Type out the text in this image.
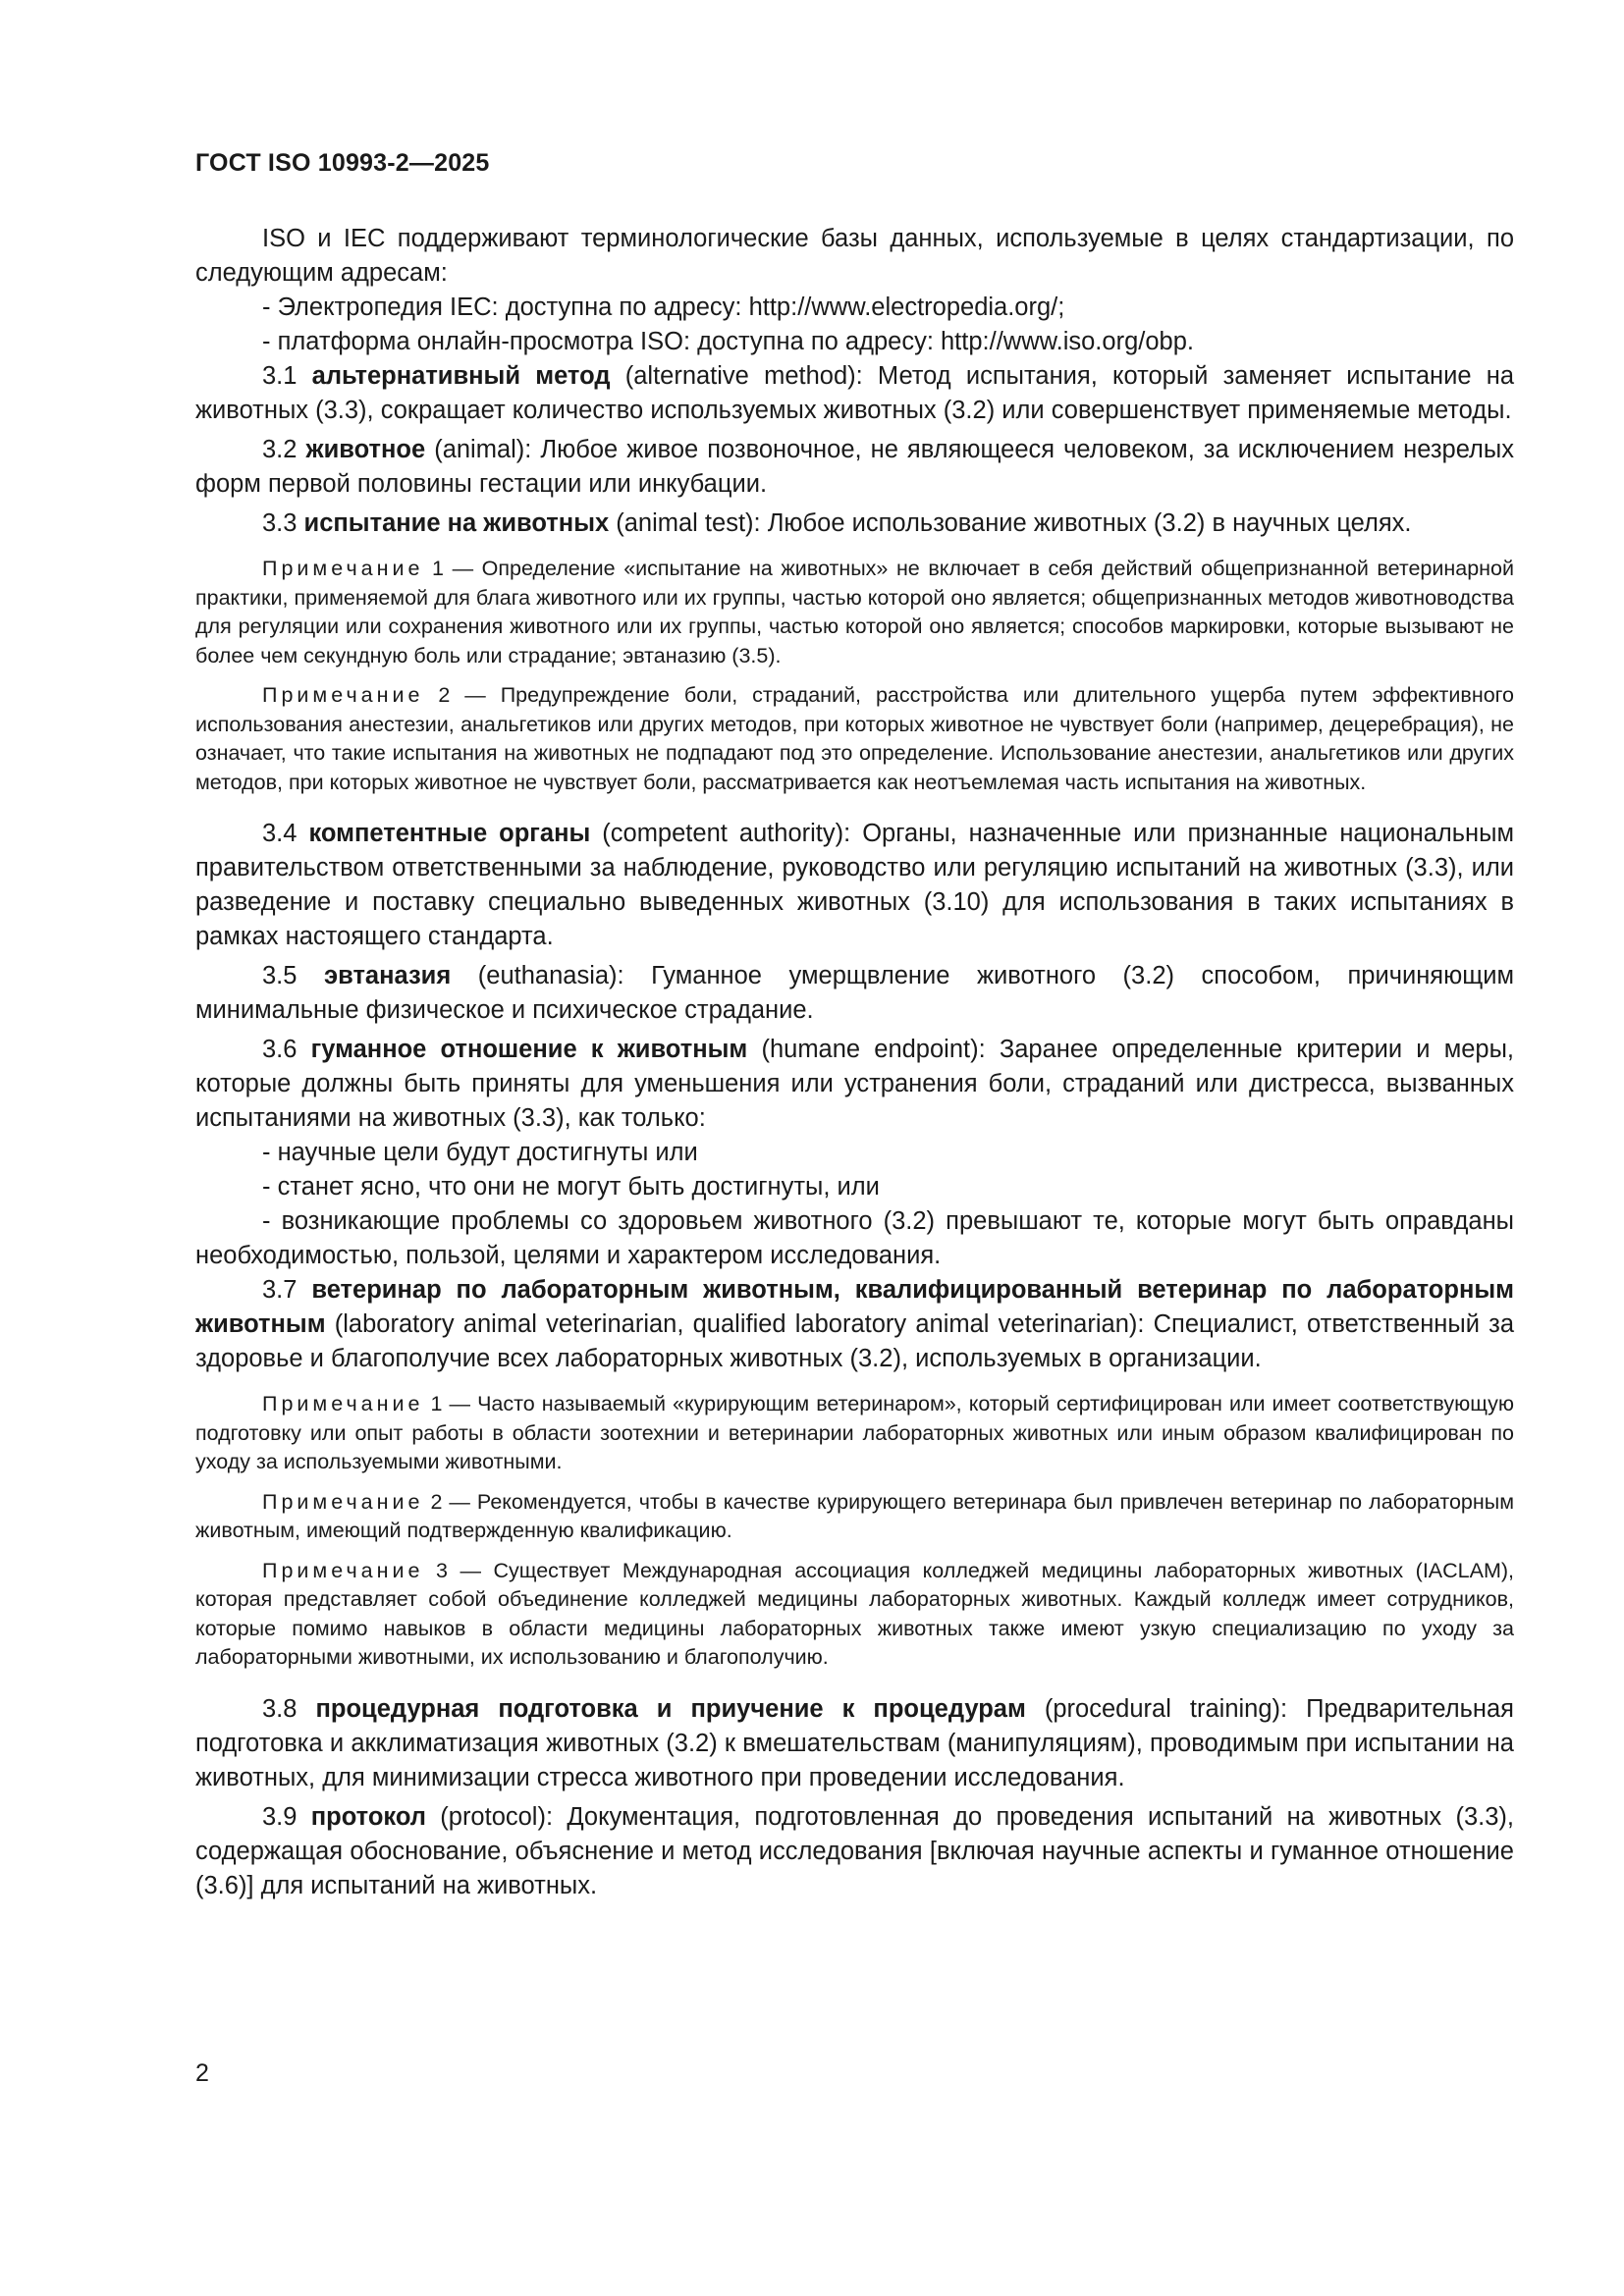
ГОСТ ISO 10993-2—2025

ISO и IEC поддерживают терминологические базы данных, используемые в целях стандартизации, по следующим адресам:

- Электропедия IEC: доступна по адресу: http://www.electropedia.org/;

- платформа онлайн-просмотра ISO: доступна по адресу: http://www.iso.org/obp.

3.1 альтернативный метод (alternative method): Метод испытания, который заменяет испытание на животных (3.3), сокращает количество используемых животных (3.2) или совершенствует применяемые методы.

3.2 животное (animal): Любое живое позвоночное, не являющееся человеком, за исключением незрелых форм первой половины гестации или инкубации.

3.3 испытание на животных (animal test): Любое использование животных (3.2) в научных целях.

Примечание 1 — Определение «испытание на животных» не включает в себя действий общепризнанной ветеринарной практики, применяемой для блага животного или их группы, частью которой оно является; общепризнанных методов животноводства для регуляции или сохранения животного или их группы, частью которой оно является; способов маркировки, которые вызывают не более чем секундную боль или страдание; эвтаназию (3.5).

Примечание 2 — Предупреждение боли, страданий, расстройства или длительного ущерба путем эффективного использования анестезии, анальгетиков или других методов, при которых животное не чувствует боли (например, децеребрация), не означает, что такие испытания на животных не подпадают под это определение. Использование анестезии, анальгетиков или других методов, при которых животное не чувствует боли, рассматривается как неотъемлемая часть испытания на животных.

3.4 компетентные органы (competent authority): Органы, назначенные или признанные национальным правительством ответственными за наблюдение, руководство или регуляцию испытаний на животных (3.3), или разведение и поставку специально выведенных животных (3.10) для использования в таких испытаниях в рамках настоящего стандарта.

3.5 эвтаназия (euthanasia): Гуманное умерщвление животного (3.2) способом, причиняющим минимальные физическое и психическое страдание.

3.6 гуманное отношение к животным (humane endpoint): Заранее определенные критерии и меры, которые должны быть приняты для уменьшения или устранения боли, страданий или дистресса, вызванных испытаниями на животных (3.3), как только:

- научные цели будут достигнуты или

- станет ясно, что они не могут быть достигнуты, или

- возникающие проблемы со здоровьем животного (3.2) превышают те, которые могут быть оправданы необходимостью, пользой, целями и характером исследования.

3.7 ветеринар по лабораторным животным, квалифицированный ветеринар по лабораторным животным (laboratory animal veterinarian, qualified laboratory animal veterinarian): Специалист, ответственный за здоровье и благополучие всех лабораторных животных (3.2), используемых в организации.

Примечание 1 — Часто называемый «курирующим ветеринаром», который сертифицирован или имеет соответствующую подготовку или опыт работы в области зоотехнии и ветеринарии лабораторных животных или иным образом квалифицирован по уходу за используемыми животными.

Примечание 2 — Рекомендуется, чтобы в качестве курирующего ветеринара был привлечен ветеринар по лабораторным животным, имеющий подтвержденную квалификацию.

Примечание 3 — Существует Международная ассоциация колледжей медицины лабораторных животных (IACLAM), которая представляет собой объединение колледжей медицины лабораторных животных. Каждый колледж имеет сотрудников, которые помимо навыков в области медицины лабораторных животных также имеют узкую специализацию по уходу за лабораторными животными, их использованию и благополучию.

3.8 процедурная подготовка и приучение к процедурам (procedural training): Предварительная подготовка и акклиматизация животных (3.2) к вмешательствам (манипуляциям), проводимым при испытании на животных, для минимизации стресса животного при проведении исследования.

3.9 протокол (protocol): Документация, подготовленная до проведения испытаний на животных (3.3), содержащая обоснование, объяснение и метод исследования [включая научные аспекты и гуманное отношение (3.6)] для испытаний на животных.

2
